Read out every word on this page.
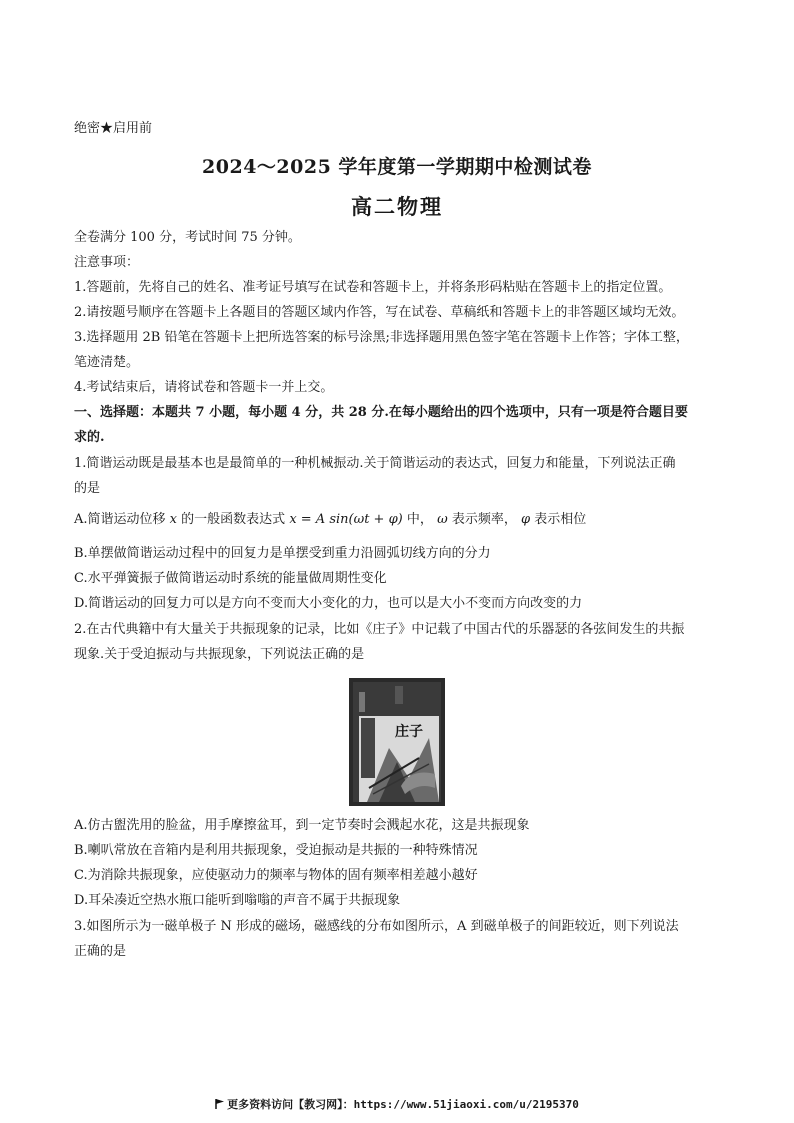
绝密★启用前
2024～2025 学年度第一学期期中检测试卷
高二物理
全卷满分 100 分，考试时间 75 分钟。
注意事项：
1.答题前，先将自己的姓名、准考证号填写在试卷和答题卡上，并将条形码粘贴在答题卡上的指定位置。
2.请按题号顺序在答题卡上各题目的答题区域内作答，写在试卷、草稿纸和答题卡上的非答题区域均无效。
3.选择题用 2B 铅笔在答题卡上把所选答案的标号涂黑;非选择题用黑色签字笔在答题卡上作答；字体工整，
笔迹清楚。
4.考试结束后，请将试卷和答题卡一并上交。
一、选择题：本题共 7 小题，每小题 4 分，共 28 分.在每小题给出的四个选项中，只有一项是符合题目要
求的.
1.简谐运动既是最基本也是最简单的一种机械振动.关于简谐运动的表达式，回复力和能量，下列说法正确
的是
A.简谐运动位移 x 的一般函数表达式 x = A sin(ωt + φ) 中， ω 表示频率， φ 表示相位
B.单摆做简谐运动过程中的回复力是单摆受到重力沿圆弧切线方向的分力
C.水平弹簧振子做简谐运动时系统的能量做周期性变化
D.简谐运动的回复力可以是方向不变而大小变化的力，也可以是大小不变而方向改变的力
2.在古代典籍中有大量关于共振现象的记录，比如《庄子》中记载了中国古代的乐器瑟的各弦间发生的共振
现象.关于受迫振动与共振现象，下列说法正确的是
庄子
A.仿古盥洗用的脸盆，用手摩擦盆耳，到一定节奏时会溅起水花，这是共振现象
B.喇叭常放在音箱内是利用共振现象，受迫振动是共振的一种特殊情况
C.为消除共振现象，应使驱动力的频率与物体的固有频率相差越小越好
D.耳朵凑近空热水瓶口能听到嗡嗡的声音不属于共振现象
3.如图所示为一磁单极子 N 形成的磁场，磁感线的分布如图所示，A 到磁单极子的间距较近，则下列说法
正确的是
更多资料访问【教习网】：https://www.51jiaoxi.com/u/2195370
